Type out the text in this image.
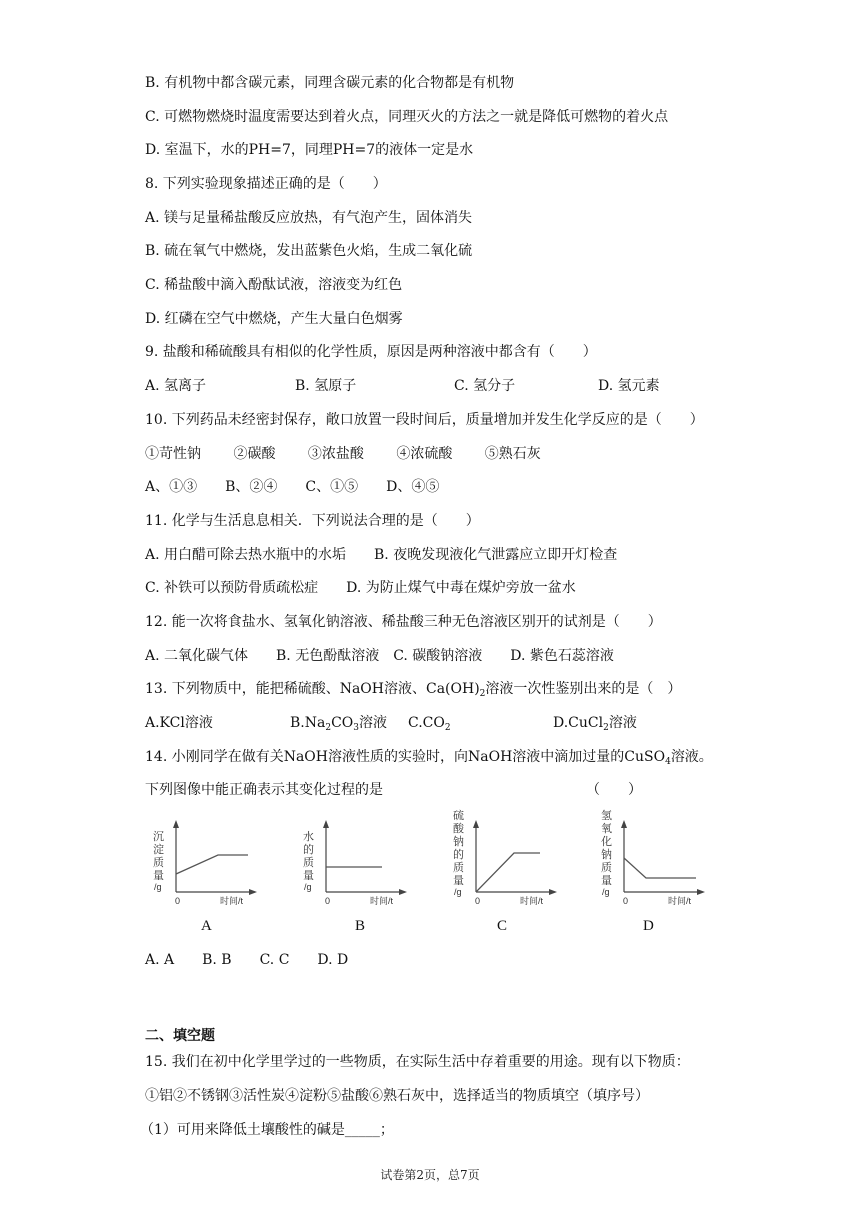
B. 有机物中都含碳元素，同理含碳元素的化合物都是有机物
C. 可燃物燃烧时温度需要达到着火点，同理灭火的方法之一就是降低可燃物的着火点
D. 室温下，水的PH=7，同理PH=7的液体一定是水
8. 下列实验现象描述正确的是（　　）
A. 镁与足量稀盐酸反应放热，有气泡产生，固体消失
B. 硫在氧气中燃烧，发出蓝紫色火焰，生成二氧化硫
C. 稀盐酸中滴入酚酞试液，溶液变为红色
D. 红磷在空气中燃烧，产生大量白色烟雾
9. 盐酸和稀硫酸具有相似的化学性质，原因是两种溶液中都含有（　　）
A. 氢离子	B. 氢原子	C. 氢分子	D. 氢元素
10. 下列药品未经密封保存，敞口放置一段时间后，质量增加并发生化学反应的是（　　）
①苛性钠　　 ②碳酸　　 ③浓盐酸　　 ④浓硫酸　　 ⑤熟石灰
A、①③　　B、②④　　C、①⑤　　D、④⑤
11. 化学与生活息息相关．下列说法合理的是（　　）
A. 用白醋可除去热水瓶中的水垢　　B. 夜晚发现液化气泄露应立即开灯检查
C. 补铁可以预防骨质疏松症　　D. 为防止煤气中毒在煤炉旁放一盆水
12. 能一次将食盐水、氢氧化钠溶液、稀盐酸三种无色溶液区别开的试剂是（　　）
A. 二氧化碳气体　　B. 无色酚酞溶液　C. 碳酸钠溶液　　D. 紫色石蕊溶液
13. 下列物质中，能把稀硫酸、NaOH溶液、$Ca(OH)_2$溶液一次性鉴别出来的是（　）
A.KCl溶液	$B.Na_2CO_3$溶液 $C.CO_2$	D.CuCl$_2$溶液
14. 小刚同学在做有关NaOH溶液性质的实验时，向NaOH溶液中滴加过量的CuSO$_4$溶液。
下列图像中能正确表示其变化过程的是　　　　　　　　　　　　　　　（　　）
沉
淀
质
量
/g
0	时间/t
水
的
质
量
/g
0	时间/t
硫
酸
钠
的
质
量
/g
0	时间/t
氢
氧
化
钠
质
量
/g
0	时间/t
A	B	C	D
A. A　　B. B　　C. C　　D. D
二、填空题
15. 我们在初中化学里学过的一些物质，在实际生活中存着重要的用途。现有以下物质：
①铝②不锈钢③活性炭④淀粉⑤盐酸⑥熟石灰中，选择适当的物质填空（填序号）
（1）可用来降低土壤酸性的碱是_____；
试卷第2页，总7页
